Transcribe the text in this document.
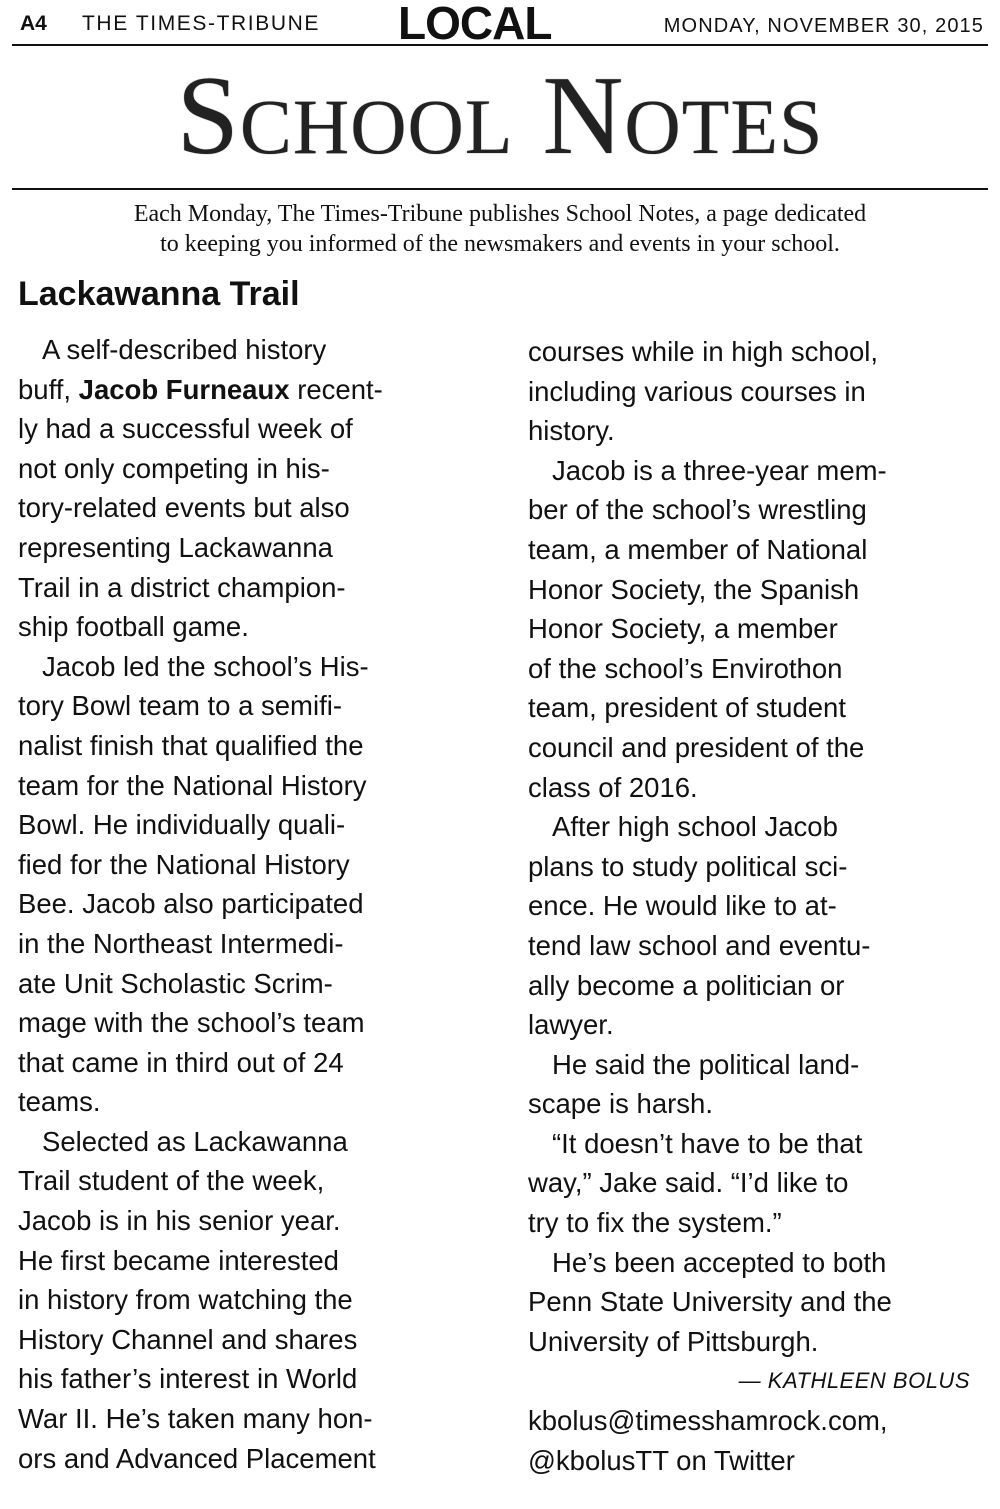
A4 THE TIMES-TRIBUNE LOCAL	MONDAY, NOVEMBER 30, 2015
School Notes
Each Monday, The Times-Tribune publishes School Notes, a page dedicated
to keeping you informed of the newsmakers and events in your school.
Lackawanna Trail
A self-described history
buff, Jacob Furneaux recent-
ly had a successful week of
not only competing in his-
tory-related events but also
representing Lackawanna
Trail in a district champion-
ship football game.
Jacob led the school’s His-
tory Bowl team to a semifi-
nalist finish that qualified the
team for the National History
Bowl. He individually quali-
fied for the National History
Bee. Jacob also participated
in the Northeast Intermedi-
ate Unit Scholastic Scrim-
mage with the school’s team
that came in third out of 24
teams.
Selected as Lackawanna
Trail student of the week,
Jacob is in his senior year.
He first became interested
in history from watching the
History Channel and shares
his father’s interest in World
War II. He’s taken many hon-
ors and Advanced Placement
courses while in high school,
including various courses in
history.
Jacob is a three-year mem-
ber of the school’s wrestling
team, a member of National
Honor Society, the Spanish
Honor Society, a member
of the school’s Envirothon
team, president of student
council and president of the
class of 2016.
After high school Jacob
plans to study political sci-
ence. He would like to at-
tend law school and eventu-
ally become a politician or
lawyer.
He said the political land-
scape is harsh.
“It doesn’t have to be that
way,” Jake said. “I’d like to
try to fix the system.”
He’s been accepted to both
Penn State University and the
University of Pittsburgh.
— KATHLEEN BOLUS
kbolus@timesshamrock.com,
@kbolusTT on Twitter
